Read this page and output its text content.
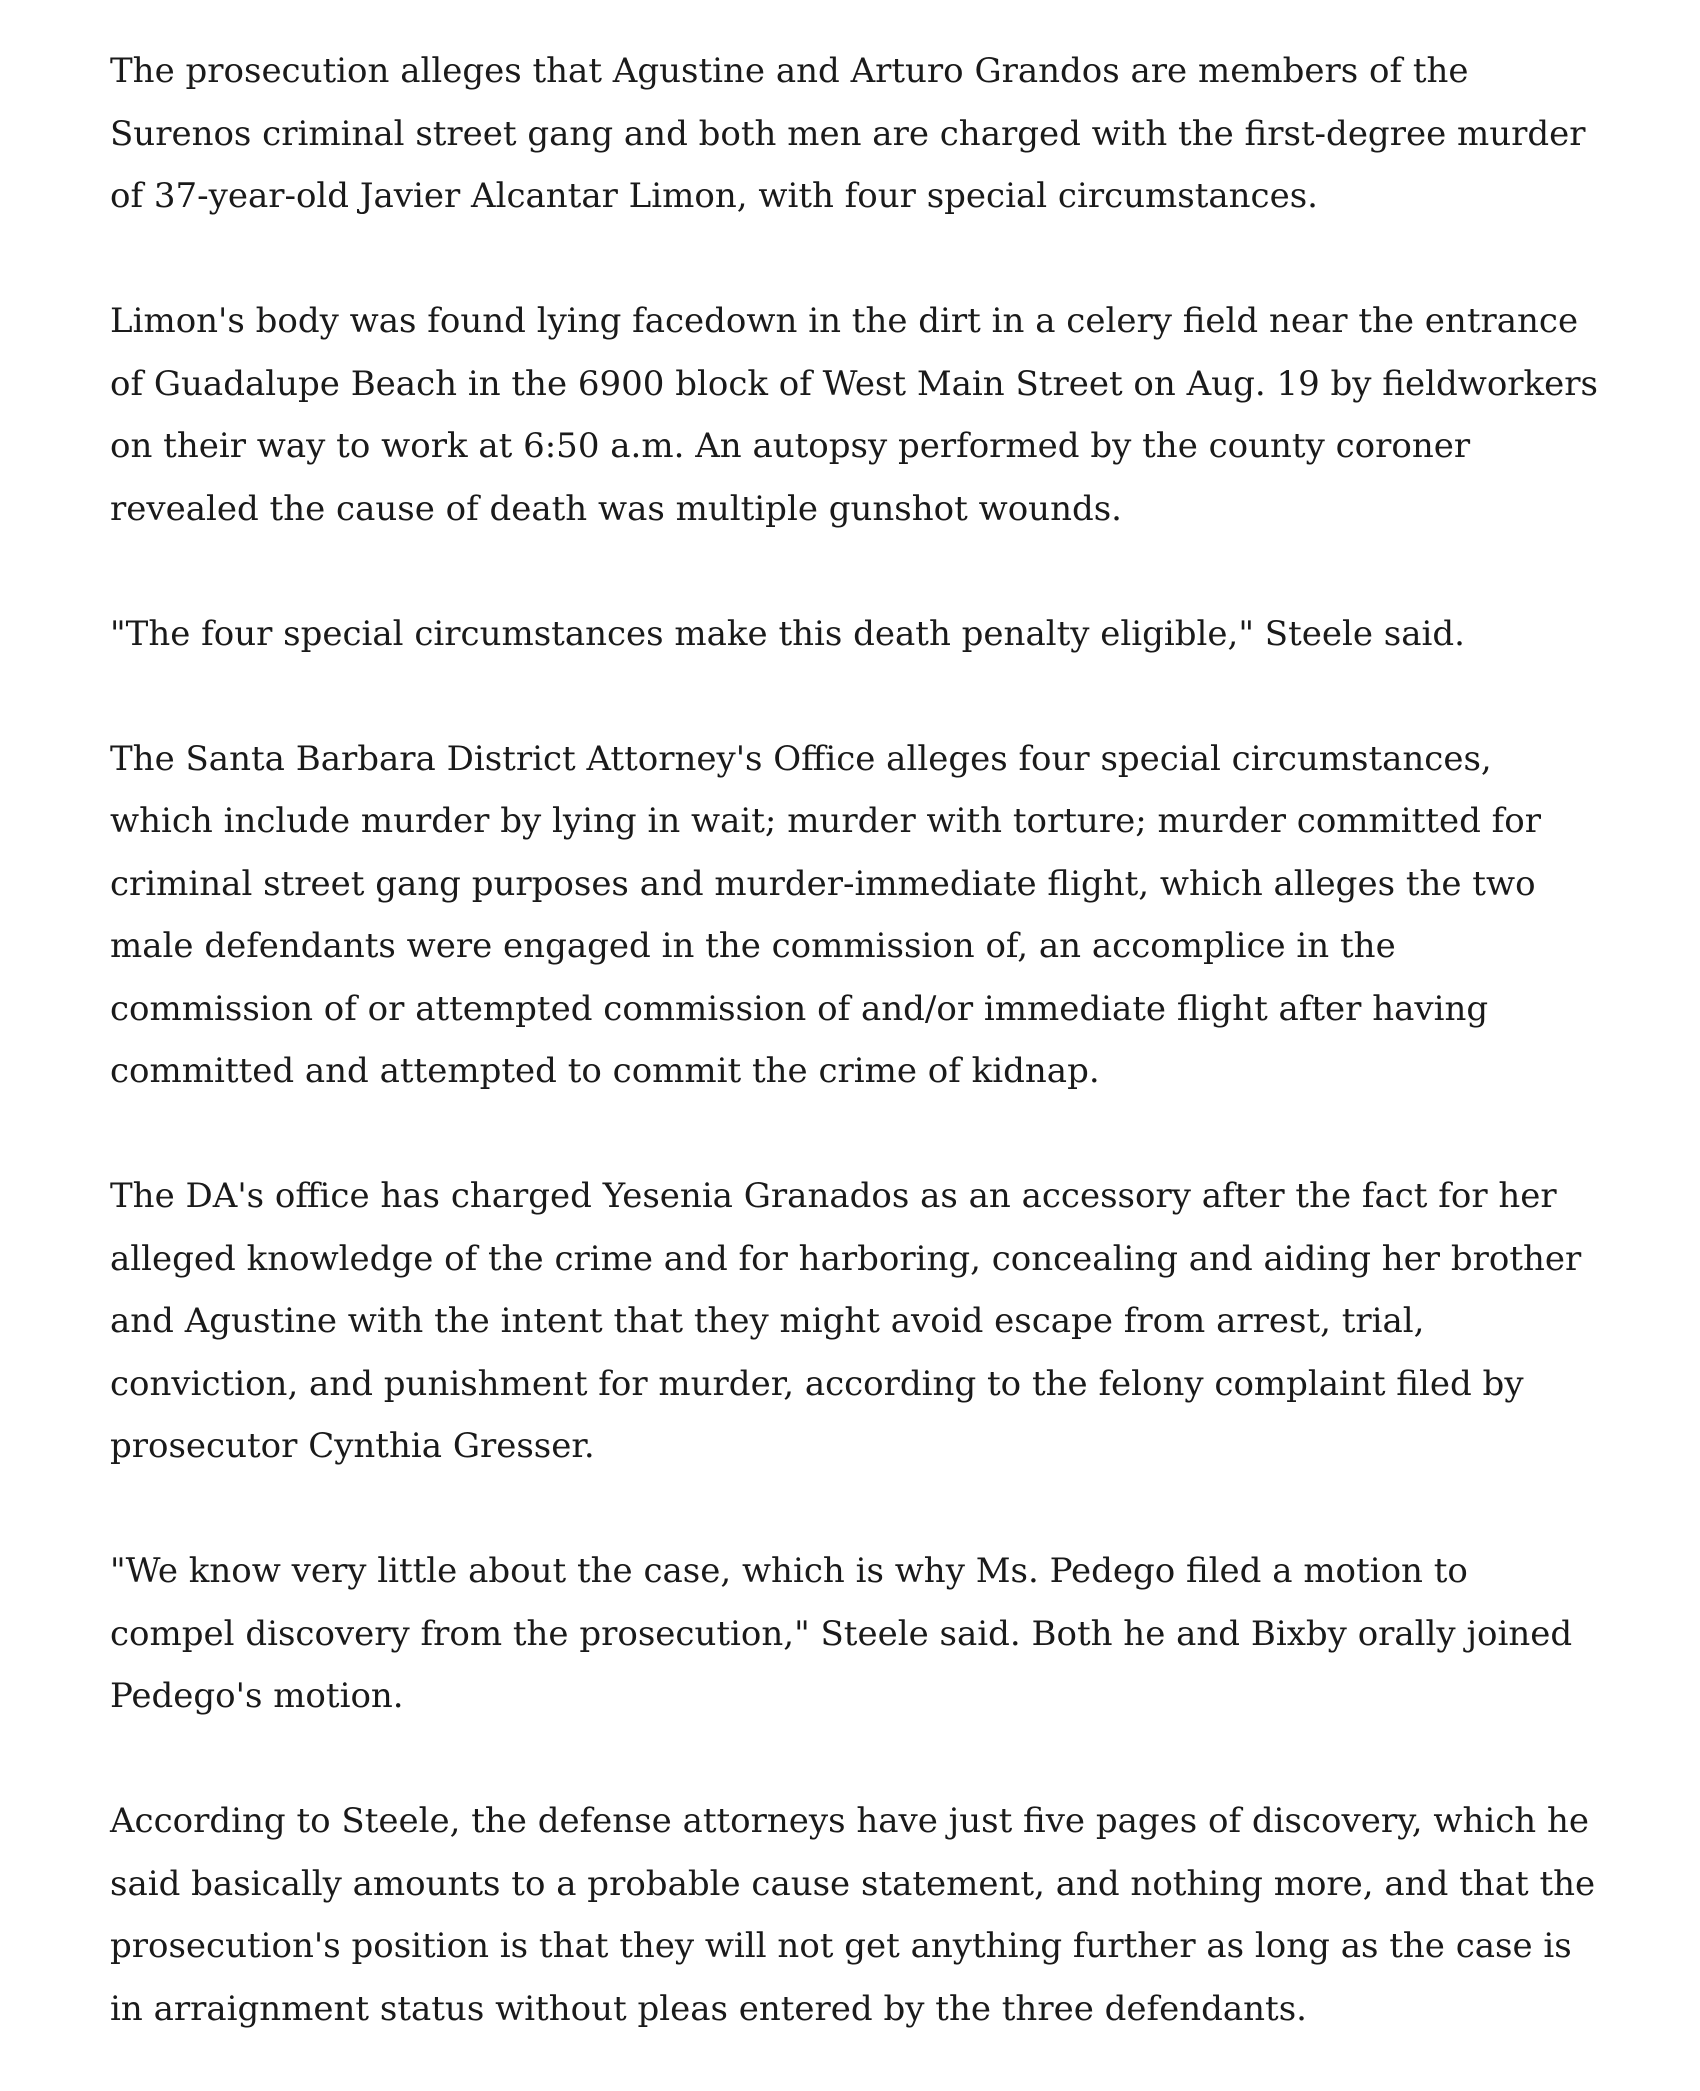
The prosecution alleges that Agustine and Arturo Grandos are members of the Surenos criminal street gang and both men are charged with the first-degree murder of 37-year-old Javier Alcantar Limon, with four special circumstances.

Limon's body was found lying facedown in the dirt in a celery field near the entrance of Guadalupe Beach in the 6900 block of West Main Street on Aug. 19 by fieldworkers on their way to work at 6:50 a.m. An autopsy performed by the county coroner revealed the cause of death was multiple gunshot wounds.

"The four special circumstances make this death penalty eligible," Steele said.

The Santa Barbara District Attorney's Office alleges four special circumstances, which include murder by lying in wait; murder with torture; murder committed for criminal street gang purposes and murder-immediate flight, which alleges the two male defendants were engaged in the commission of, an accomplice in the commission of or attempted commission of and/or immediate flight after having committed and attempted to commit the crime of kidnap.

The DA's office has charged Yesenia Granados as an accessory after the fact for her alleged knowledge of the crime and for harboring, concealing and aiding her brother and Agustine with the intent that they might avoid escape from arrest, trial, conviction, and punishment for murder, according to the felony complaint filed by prosecutor Cynthia Gresser.

"We know very little about the case, which is why Ms. Pedego filed a motion to compel discovery from the prosecution," Steele said. Both he and Bixby orally joined Pedego's motion.

According to Steele, the defense attorneys have just five pages of discovery, which he said basically amounts to a probable cause statement, and nothing more, and that the prosecution's position is that they will not get anything further as long as the case is in arraignment status without pleas entered by the three defendants.
